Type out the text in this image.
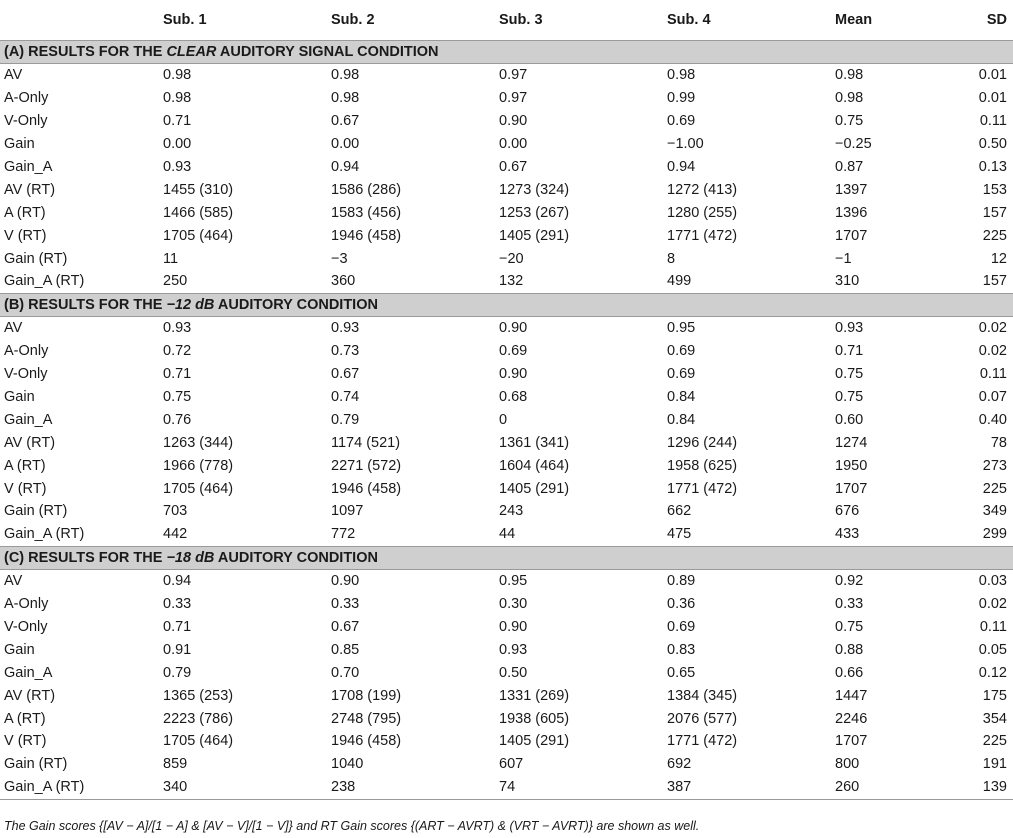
	Sub. 1	Sub. 2	Sub. 3	Sub. 4	Mean	SD
(A) RESULTS FOR THE CLEAR AUDITORY SIGNAL CONDITION						
AV	0.98	0.98	0.97	0.98	0.98	0.01
A-Only	0.98	0.98	0.97	0.99	0.98	0.01
V-Only	0.71	0.67	0.90	0.69	0.75	0.11
Gain	0.00	0.00	0.00	−1.00	−0.25	0.50
Gain_A	0.93	0.94	0.67	0.94	0.87	0.13
AV (RT)	1455 (310)	1586 (286)	1273 (324)	1272 (413)	1397	153
A (RT)	1466 (585)	1583 (456)	1253 (267)	1280 (255)	1396	157
V (RT)	1705 (464)	1946 (458)	1405 (291)	1771 (472)	1707	225
Gain (RT)	11	−3	−20	8	−1	12
Gain_A (RT)	250	360	132	499	310	157
(B) RESULTS FOR THE −12 dB AUDITORY CONDITION						
AV	0.93	0.93	0.90	0.95	0.93	0.02
A-Only	0.72	0.73	0.69	0.69	0.71	0.02
V-Only	0.71	0.67	0.90	0.69	0.75	0.11
Gain	0.75	0.74	0.68	0.84	0.75	0.07
Gain_A	0.76	0.79	0	0.84	0.60	0.40
AV (RT)	1263 (344)	1174 (521)	1361 (341)	1296 (244)	1274	78
A (RT)	1966 (778)	2271 (572)	1604 (464)	1958 (625)	1950	273
V (RT)	1705 (464)	1946 (458)	1405 (291)	1771 (472)	1707	225
Gain (RT)	703	1097	243	662	676	349
Gain_A (RT)	442	772	44	475	433	299
(C) RESULTS FOR THE −18 dB AUDITORY CONDITION						
AV	0.94	0.90	0.95	0.89	0.92	0.03
A-Only	0.33	0.33	0.30	0.36	0.33	0.02
V-Only	0.71	0.67	0.90	0.69	0.75	0.11
Gain	0.91	0.85	0.93	0.83	0.88	0.05
Gain_A	0.79	0.70	0.50	0.65	0.66	0.12
AV (RT)	1365 (253)	1708 (199)	1331 (269)	1384 (345)	1447	175
A (RT)	2223 (786)	2748 (795)	1938 (605)	2076 (577)	2246	354
V (RT)	1705 (464)	1946 (458)	1405 (291)	1771 (472)	1707	225
Gain (RT)	859	1040	607	692	800	191
Gain_A (RT)	340	238	74	387	260	139
The Gain scores {[AV − A]/[1 − A] & [AV − V]/[1 − V]} and RT Gain scores {(ART − AVRT) & (VRT − AVRT)} are shown as well.
